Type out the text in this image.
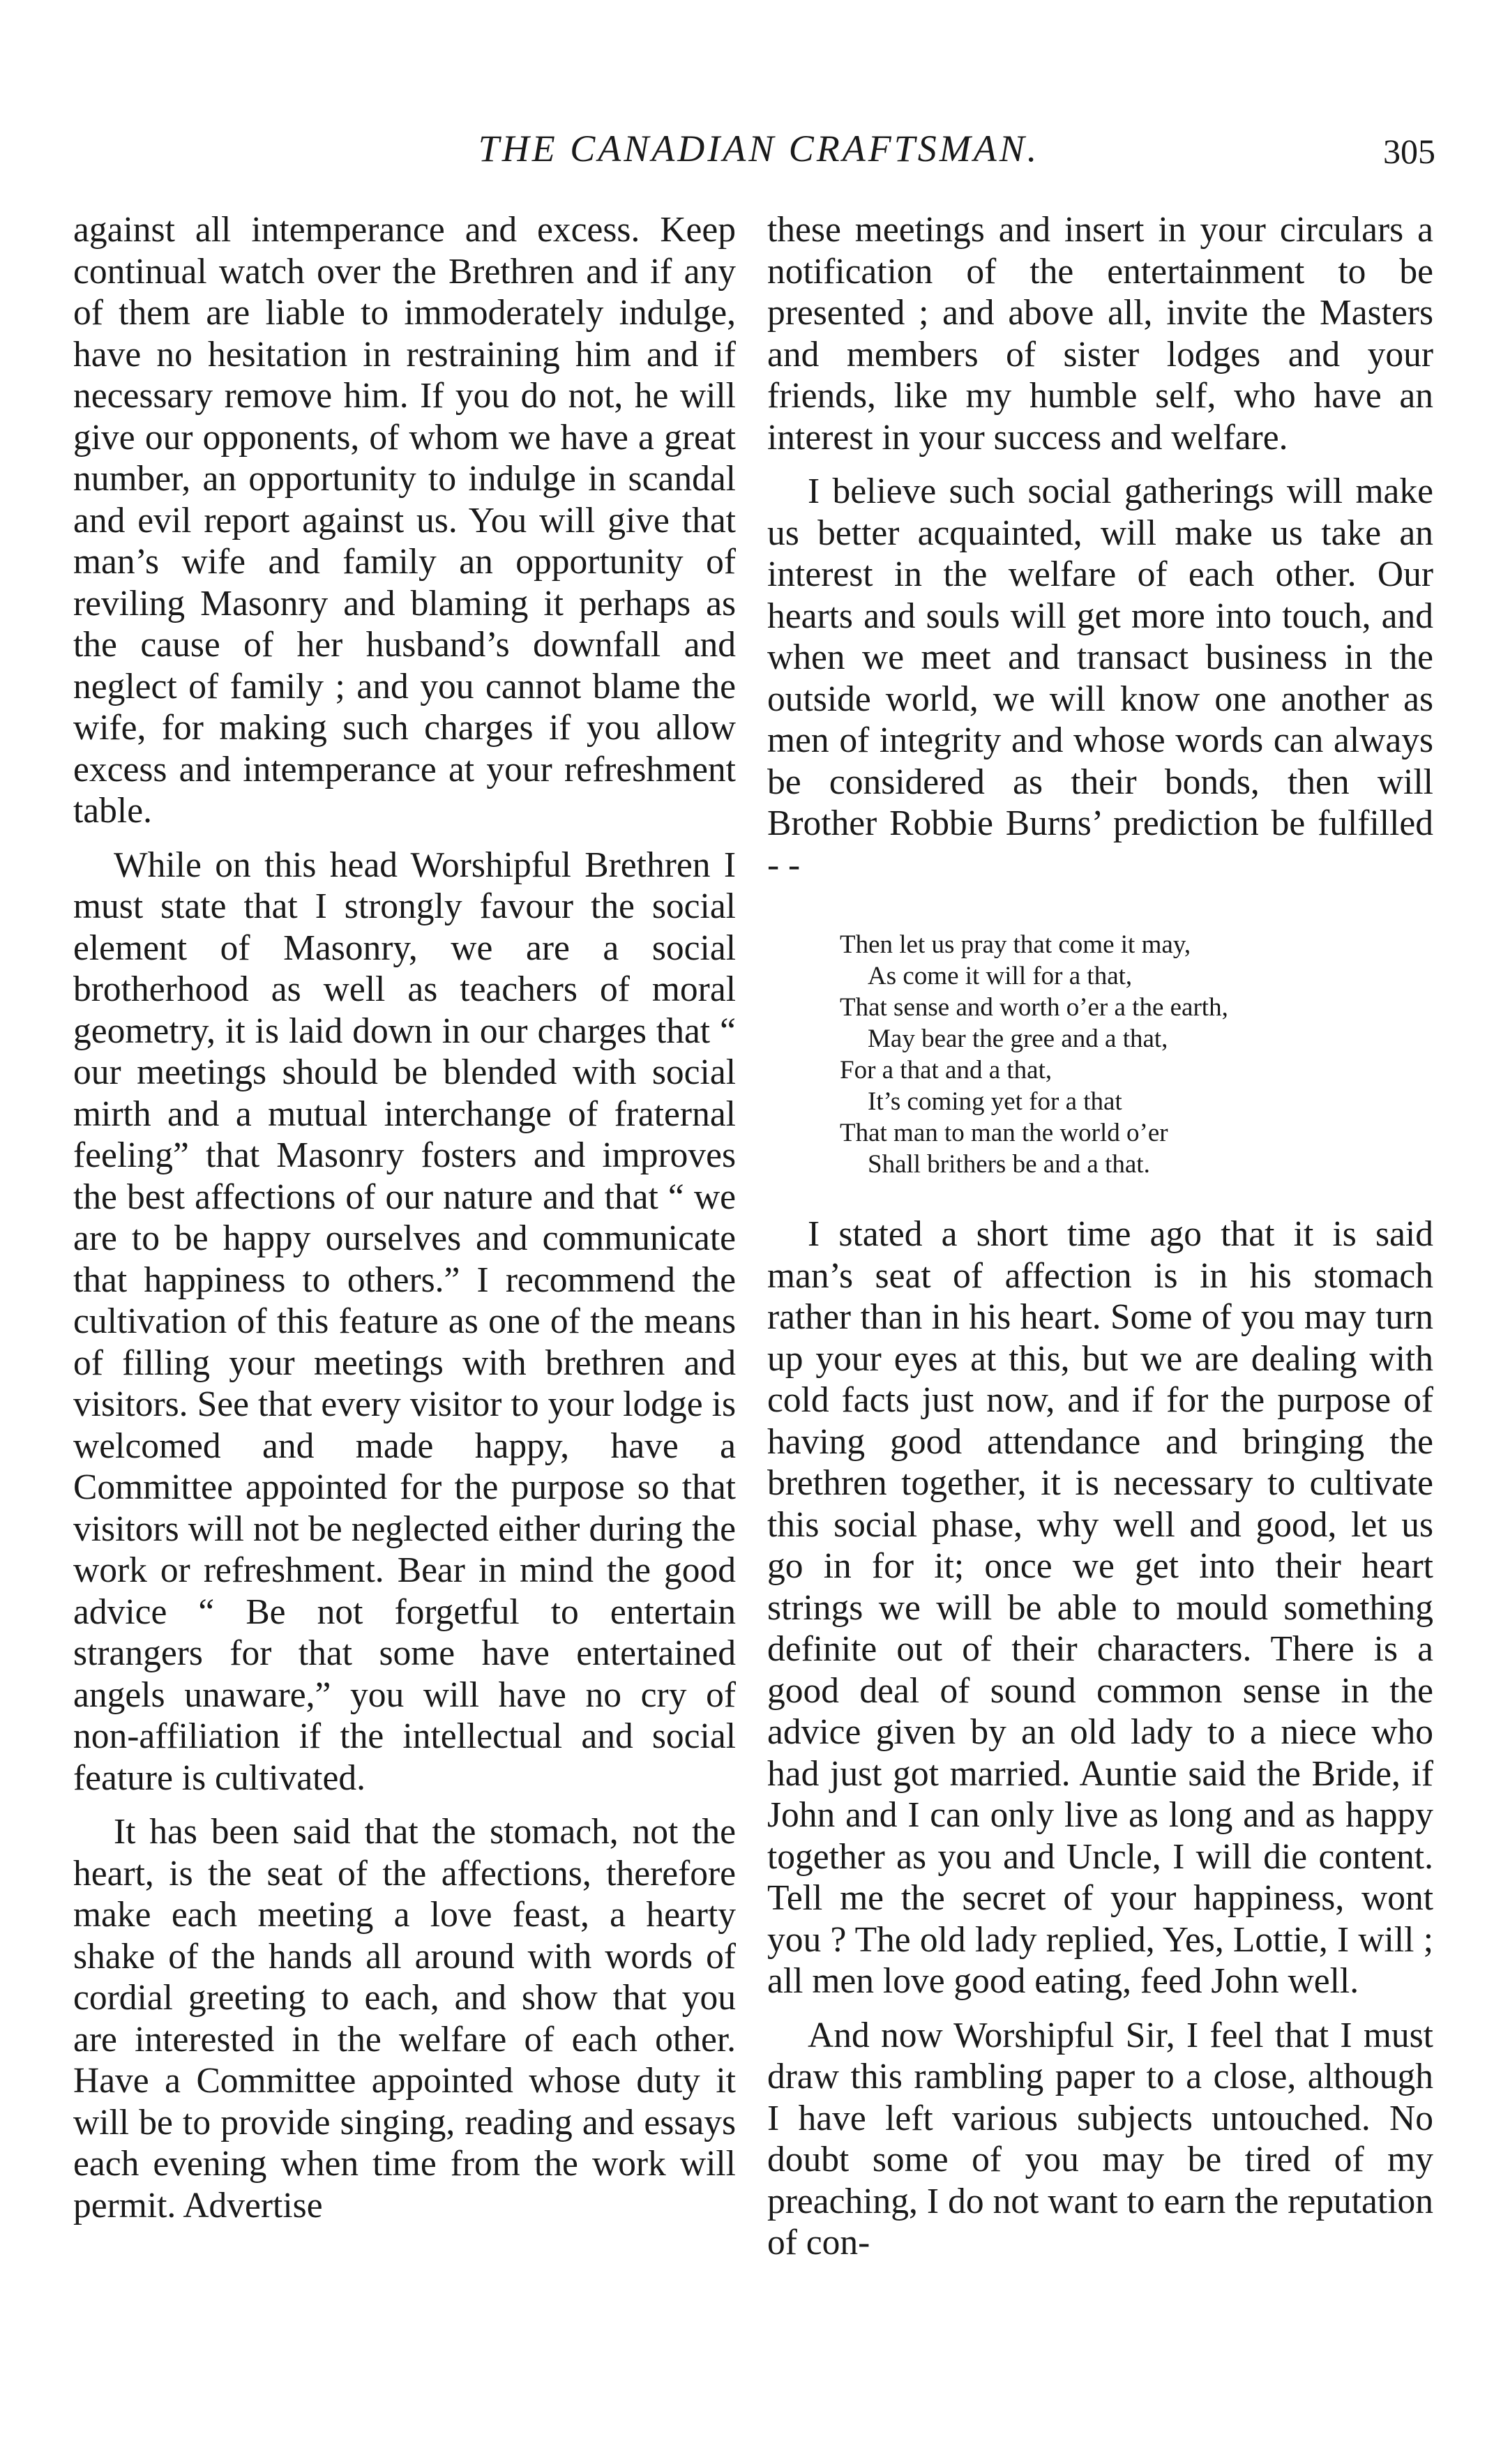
THE CANADIAN CRAFTSMAN.	305

against all intemperance and excess. Keep continual watch over the Brethren and if any of them are liable to immoderately indulge, have no hesitation in restraining him and if necessary remove him. If you do not, he will give our opponents, of whom we have a great number, an opportunity to indulge in scandal and evil report against us. You will give that man’s wife and family an opportunity of reviling Masonry and blaming it perhaps as the cause of her husband’s downfall and neglect of family ; and you cannot blame the wife, for making such charges if you allow excess and intemperance at your refreshment table.

While on this head Worshipful Brethren I must state that I strongly favour the social element of Masonry, we are a social brotherhood as well as teachers of moral geometry, it is laid down in our charges that “ our meetings should be blended with social mirth and a mutual interchange of fraternal feeling” that Masonry fosters and improves the best affections of our nature and that “ we are to be happy ourselves and communicate that happiness to others.” I recommend the cultivation of this feature as one of the means of filling your meetings with brethren and visitors. See that every visitor to your lodge is welcomed and made happy, have a Committee appointed for the purpose so that visitors will not be neglected either during the work or refreshment. Bear in mind the good advice “ Be not forgetful to entertain strangers for that some have entertained angels unaware,” you will have no cry of non-affiliation if the intellectual and social feature is cultivated.

It has been said that the stomach, not the heart, is the seat of the affections, therefore make each meeting a love feast, a hearty shake of the hands all around with words of cordial greeting to each, and show that you are interested in the welfare of each other. Have a Committee appointed whose duty it will be to provide singing, reading and essays each evening when time from the work will permit. Advertise

these meetings and insert in your circulars a notification of the entertainment to be presented ; and above all, invite the Masters and members of sister lodges and your friends, like my humble self, who have an interest in your success and welfare.

I believe such social gatherings will make us better acquainted, will make us take an interest in the welfare of each other. Our hearts and souls will get more into touch, and when we meet and transact business in the outside world, we will know one another as men of integrity and whose words can always be considered as their bonds, then will Brother Robbie Burns’ prediction be fulfilled - -

Then let us pray that come it may,
As come it will for a that,
That sense and worth o’er a the earth,
May bear the gree and a that,
For a that and a that,
It’s coming yet for a that
That man to man the world o’er
Shall brithers be and a that.

I stated a short time ago that it is said man’s seat of affection is in his stomach rather than in his heart. Some of you may turn up your eyes at this, but we are dealing with cold facts just now, and if for the purpose of having good attendance and bringing the brethren together, it is necessary to cultivate this social phase, why well and good, let us go in for it; once we get into their heart strings we will be able to mould something definite out of their characters. There is a good deal of sound common sense in the advice given by an old lady to a niece who had just got married. Auntie said the Bride, if John and I can only live as long and as happy together as you and Uncle, I will die content. Tell me the secret of your happiness, wont you ? The old lady replied, Yes, Lottie, I will ; all men love good eating, feed John well.

And now Worshipful Sir, I feel that I must draw this rambling paper to a close, although I have left various subjects untouched. No doubt some of you may be tired of my preaching, I do not want to earn the reputation of con-
